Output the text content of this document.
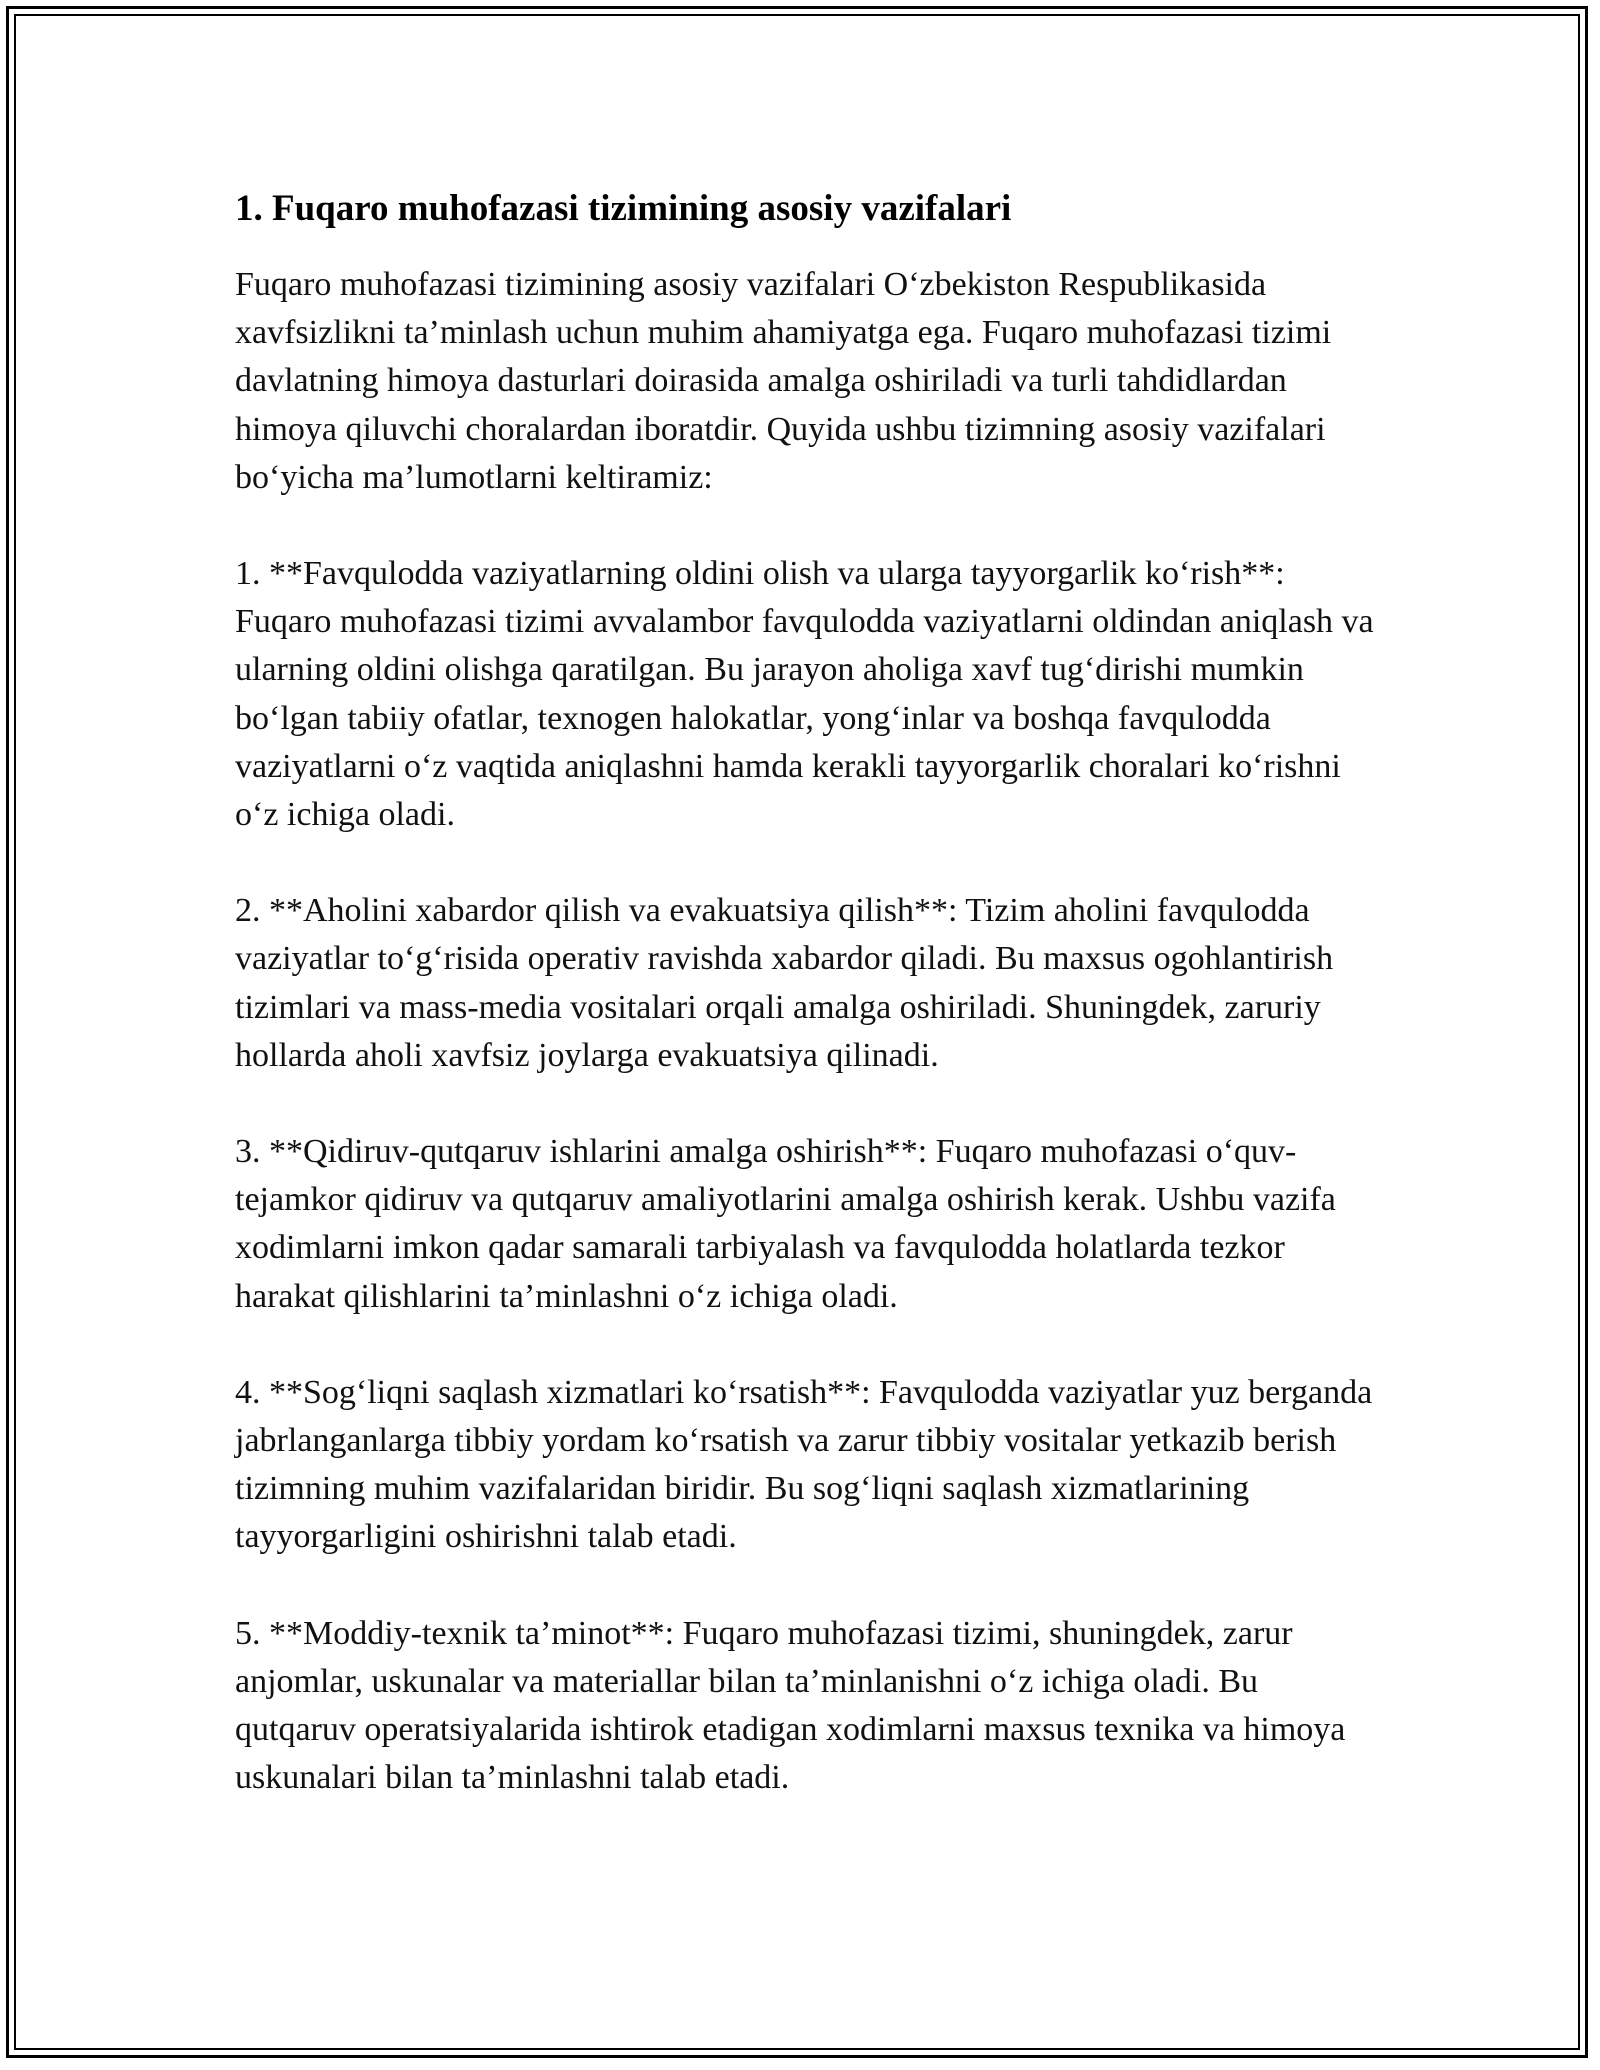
1. Fuqaro muhofazasi tizimining asosiy vazifalari

Fuqaro muhofazasi tizimining asosiy vazifalari O‘zbekiston Respublikasida xavfsizlikni ta’minlash uchun muhim ahamiyatga ega. Fuqaro muhofazasi tizimi davlatning himoya dasturlari doirasida amalga oshiriladi va turli tahdidlardan himoya qiluvchi choralardan iboratdir. Quyida ushbu tizimning asosiy vazifalari bo‘yicha ma’lumotlarni keltiramiz:

1. **Favqulodda vaziyatlarning oldini olish va ularga tayyorgarlik ko‘rish**: Fuqaro muhofazasi tizimi avvalambor favqulodda vaziyatlarni oldindan aniqlash va ularning oldini olishga qaratilgan. Bu jarayon aholiga xavf tug‘dirishi mumkin bo‘lgan tabiiy ofatlar, texnogen halokatlar, yong‘inlar va boshqa favqulodda vaziyatlarni o‘z vaqtida aniqlashni hamda kerakli tayyorgarlik choralari ko‘rishni o‘z ichiga oladi.

2. **Aholini xabardor qilish va evakuatsiya qilish**: Tizim aholini favqulodda vaziyatlar to‘g‘risida operativ ravishda xabardor qiladi. Bu maxsus ogohlantirish tizimlari va mass-media vositalari orqali amalga oshiriladi. Shuningdek, zaruriy hollarda aholi xavfsiz joylarga evakuatsiya qilinadi.

3. **Qidiruv-qutqaruv ishlarini amalga oshirish**: Fuqaro muhofazasi o‘quv-tejamkor qidiruv va qutqaruv amaliyotlarini amalga oshirish kerak. Ushbu vazifa xodimlarni imkon qadar samarali tarbiyalash va favqulodda holatlarda tezkor harakat qilishlarini ta’minlashni o‘z ichiga oladi.

4. **Sog‘liqni saqlash xizmatlari ko‘rsatish**: Favqulodda vaziyatlar yuz berganda jabrlanganlarga tibbiy yordam ko‘rsatish va zarur tibbiy vositalar yetkazib berish tizimning muhim vazifalaridan biridir. Bu sog‘liqni saqlash xizmatlarining tayyorgarligini oshirishni talab etadi.

5. **Moddiy-texnik ta’minot**: Fuqaro muhofazasi tizimi, shuningdek, zarur anjomlar, uskunalar va materiallar bilan ta’minlanishni o‘z ichiga oladi. Bu qutqaruv operatsiyalarida ishtirok etadigan xodimlarni maxsus texnika va himoya uskunalari bilan ta’minlashni talab etadi.
